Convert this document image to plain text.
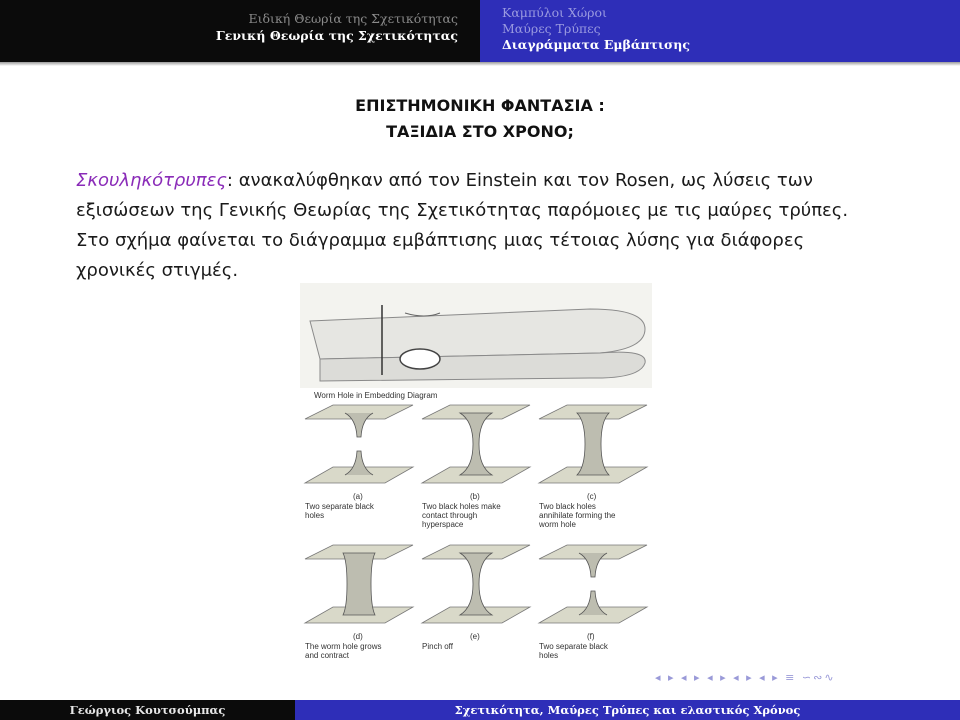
Ειδική Θεωρία της Σχετικότητας
Γενική Θεωρία της Σχετικότητας
Καμπύλοι Χώροι
Μαύρες Τρύπες
Διαγράμματα Εμβάπτισης
ΕΠΙΣΤΗΜΟΝΙΚΗ ΦΑΝΤΑΣΙΑ :
ΤΑΞΙΔΙΑ ΣΤΟ ΧΡΟΝΟ;
Σκουληκότρυπες: ανακαλύφθηκαν από τον Einstein και τον Rosen, ως λύσεις των εξισώσεων της Γενικής Θεωρίας της Σχετικότητας παρόμοιες με τις μαύρες τρύπες. Στο σχήμα φαίνεται το διάγραμμα εμβάπτισης μιας τέτοιας λύσης για διάφορες χρονικές στιγμές.
Worm Hole in Embedding Diagram
(a)
Two separate black
holes
(b)
Two black holes make
contact through
hyperspace
(c)
Two black holes
annihilate forming the
worm hole
(d)
The worm hole grows
and contract
(e)
Pinch off
(f)
Two separate black
holes
◂ ▸ ◂ ▸ ◂ ▸ ◂ ▸ ◂ ▸ ≡ ∽∾∿
Γεώργιος Κουτσούμπας	Σχετικότητα, Μαύρες Τρύπες και ελαστικός Χρόνος
